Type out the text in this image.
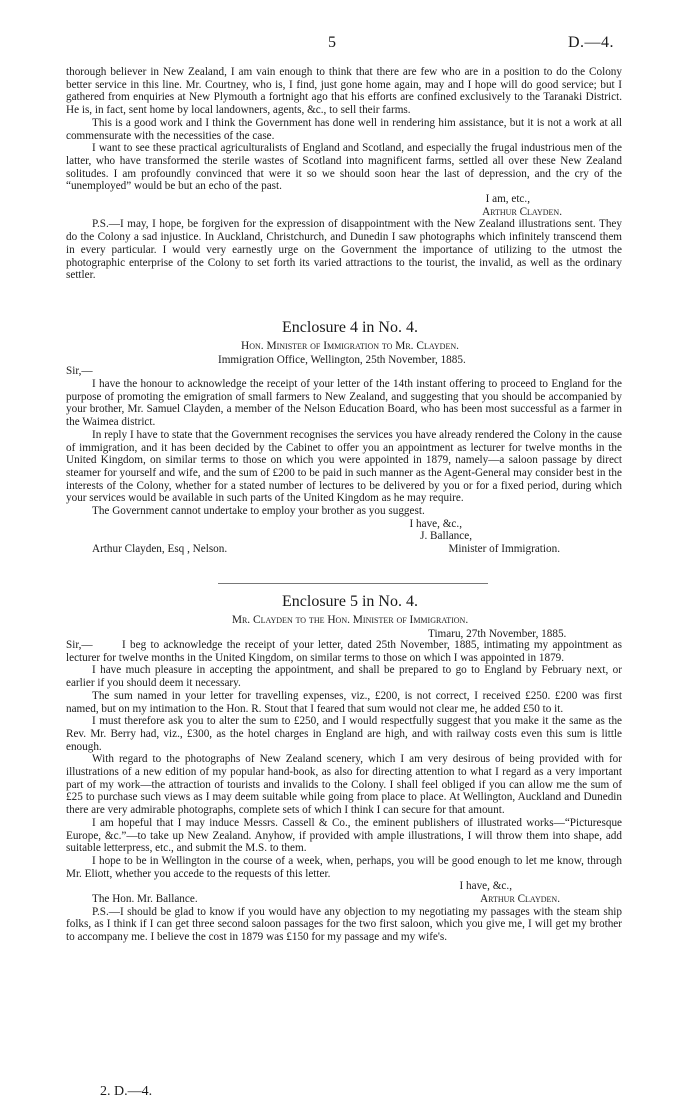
5	D.—4.

thorough believer in New Zealand, I am vain enough to think that there are few who are in a position to do the Colony better service in this line. Mr. Courtney, who is, I find, just gone home again, may and I hope will do good service; but I gathered from enquiries at New Plymouth a fortnight ago that his efforts are confined exclusively to the Taranaki District. He is, in fact, sent home by local landowners, agents, &c., to sell their farms.

This is a good work and I think the Government has done well in rendering him assistance, but it is not a work at all commensurate with the necessities of the case.

I want to see these practical agriculturalists of England and Scotland, and especially the frugal industrious men of the latter, who have transformed the sterile wastes of Scotland into magnificent farms, settled all over these New Zealand solitudes. I am profoundly convinced that were it so we should soon hear the last of depression, and the cry of the “unemployed” would be but an echo of the past.

I am, etc.,

Arthur Clayden.

P.S.—I may, I hope, be forgiven for the expression of disappointment with the New Zealand illustrations sent. They do the Colony a sad injustice. In Auckland, Christchurch, and Dunedin I saw photographs which infinitely transcend them in every particular. I would very earnestly urge on the Government the importance of utilizing to the utmost the photographic enterprise of the Colony to set forth its varied attractions to the tourist, the invalid, as well as the ordinary settler.

Enclosure 4 in No. 4.
Hon. Minister of Immigration to Mr. Clayden.
Immigration Office, Wellington, 25th November, 1885.
Sir,—

I have the honour to acknowledge the receipt of your letter of the 14th instant offering to proceed to England for the purpose of promoting the emigration of small farmers to New Zealand, and suggesting that you should be accompanied by your brother, Mr. Samuel Clayden, a member of the Nelson Education Board, who has been most successful as a farmer in the Waimea district.

In reply I have to state that the Government recognises the services you have already rendered the Colony in the cause of immigration, and it has been decided by the Cabinet to offer you an appointment as lecturer for twelve months in the United Kingdom, on similar terms to those on which you were appointed in 1879, namely—a saloon passage by direct steamer for yourself and wife, and the sum of £200 to be paid in such manner as the Agent-General may consider best in the interests of the Colony, whether for a stated number of lectures to be delivered by you or for a fixed period, during which your services would be available in such parts of the United Kingdom as he may require.

The Government cannot undertake to employ your brother as you suggest.

I have, &c.,

J. Ballance,

Arthur Clayden, Esq , Nelson.	Minister of Immigration.
Enclosure 5 in No. 4.
Mr. Clayden to the Hon. Minister of Immigration.
Timaru, 27th November, 1885.
Sir,—	I beg to acknowledge the receipt of your letter, dated 25th November, 1885, intimating my appointment as lecturer for twelve months in the United Kingdom, on similar terms to those on which I was appointed in 1879.

I have much pleasure in accepting the appointment, and shall be prepared to go to England by February next, or earlier if you should deem it necessary.

The sum named in your letter for travelling expenses, viz., £200, is not correct, I received £250. £200 was first named, but on my intimation to the Hon. R. Stout that I feared that sum would not clear me, he added £50 to it.

I must therefore ask you to alter the sum to £250, and I would respectfully suggest that you make it the same as the Rev. Mr. Berry had, viz., £300, as the hotel charges in England are high, and with railway costs even this sum is little enough.

With regard to the photographs of New Zealand scenery, which I am very desirous of being provided with for illustrations of a new edition of my popular hand-book, as also for directing attention to what I regard as a very important part of my work—the attraction of tourists and invalids to the Colony. I shall feel obliged if you can allow me the sum of £25 to purchase such views as I may deem suitable while going from place to place. At Wellington, Auckland and Dunedin there are very admirable photographs, complete sets of which I think I can secure for that amount.

I am hopeful that I may induce Messrs. Cassell & Co., the eminent publishers of illustrated works—“Picturesque Europe, &c.”—to take up New Zealand. Anyhow, if provided with ample illustrations, I will throw them into shape, add suitable letterpress, etc., and submit the M.S. to them.

I hope to be in Wellington in the course of a week, when, perhaps, you will be good enough to let me know, through Mr. Eliott, whether you accede to the requests of this letter.

I have, &c.,

The Hon. Mr. Ballance.	Arthur Clayden.

P.S.—I should be glad to know if you would have any objection to my negotiating my passages with the steam ship folks, as I think if I can get three second saloon passages for the two first saloon, which you give me, I will get my brother to accompany me. I believe the cost in 1879 was £150 for my passage and my wife's.

2. D.—4.
